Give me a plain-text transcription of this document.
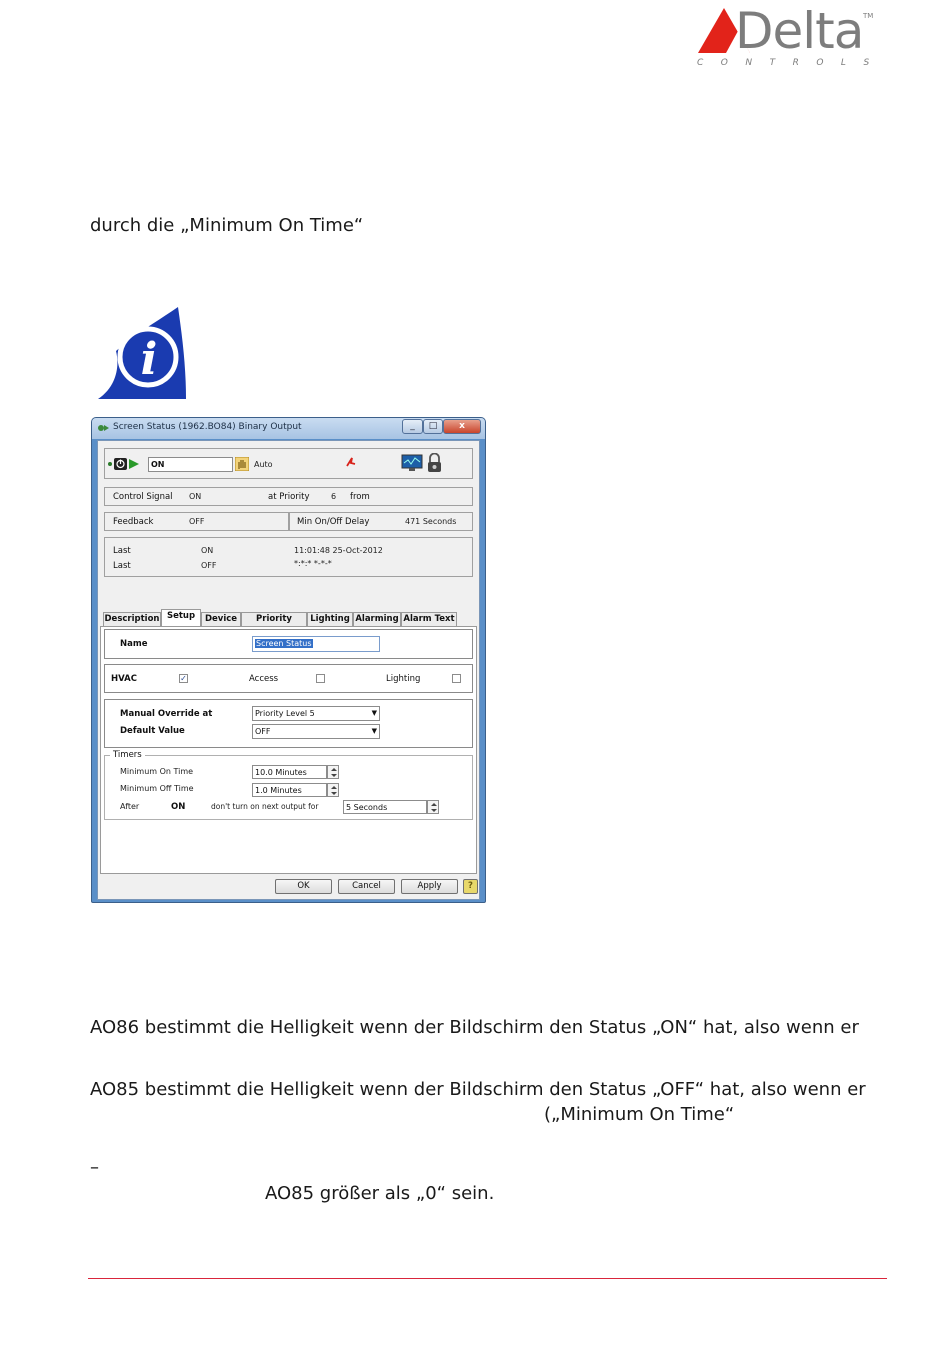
Delta TM
CONTROLS
durch die „Minimum On Time“
i
Screen Status (1962.BO84) Binary Output	_	□	x
ON	Auto
Control Signal ON	at Priority	6 from
Feedback	OFF	Min On/Off Delay	471 Seconds
Last	ON	11:01:48 25-Oct-2012
Last	OFF	*:*:* *-*-*
Description Setup	Device	Priority	Lighting Alarming Alarm Text
Name	Screen Status
HVAC	✓	Access	Lighting
Manual Override at	Priority Level 5	▼
Default Value	OFF	▼
Timers
Minimum On Time	10.0 Minutes
Minimum Off Time	1.0 Minutes
After	ON	don't turn on next output for	5 Seconds
OK	Cancel	Apply	?
AO86 bestimmt die Helligkeit wenn der Bildschirm den Status „ON“ hat, also wenn er
AO85 bestimmt die Helligkeit wenn der Bildschirm den Status „OFF“ hat, also wenn er
(„Minimum On Time“
–
AO85 größer als „0“ sein.
